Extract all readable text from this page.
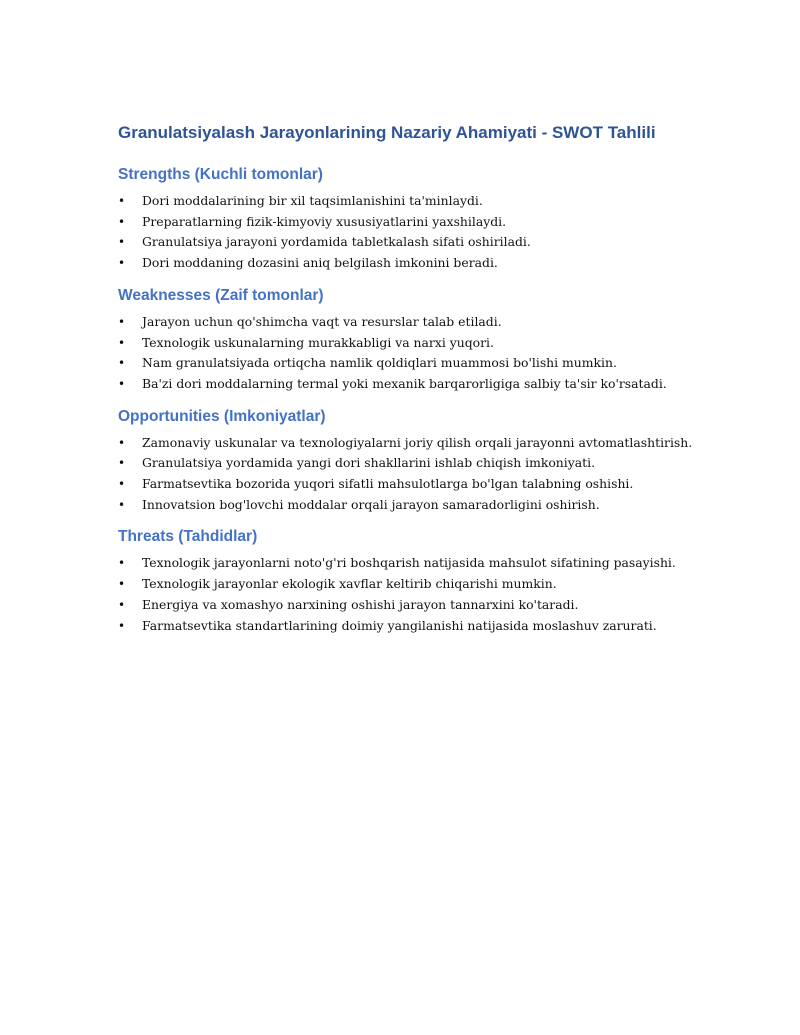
Granulatsiyalash Jarayonlarining Nazariy Ahamiyati - SWOT Tahlili
Strengths (Kuchli tomonlar)
• Dori moddalarining bir xil taqsimlanishini ta'minlaydi.
• Preparatlarning fizik-kimyoviy xususiyatlarini yaxshilaydi.
• Granulatsiya jarayoni yordamida tabletkalash sifati oshiriladi.
• Dori moddaning dozasini aniq belgilash imkonini beradi.
Weaknesses (Zaif tomonlar)
• Jarayon uchun qo'shimcha vaqt va resurslar talab etiladi.
• Texnologik uskunalarning murakkabligi va narxi yuqori.
• Nam granulatsiyada ortiqcha namlik qoldiqlari muammosi bo'lishi mumkin.
• Ba'zi dori moddalarning termal yoki mexanik barqarorligiga salbiy ta'sir ko'rsatadi.
Opportunities (Imkoniyatlar)
• Zamonaviy uskunalar va texnologiyalarni joriy qilish orqali jarayonni avtomatlashtirish.
• Granulatsiya yordamida yangi dori shakllarini ishlab chiqish imkoniyati.
• Farmatsevtika bozorida yuqori sifatli mahsulotlarga bo'lgan talabning oshishi.
• Innovatsion bog'lovchi moddalar orqali jarayon samaradorligini oshirish.
Threats (Tahdidlar)
• Texnologik jarayonlarni noto'g'ri boshqarish natijasida mahsulot sifatining pasayishi.
• Texnologik jarayonlar ekologik xavflar keltirib chiqarishi mumkin.
• Energiya va xomashyo narxining oshishi jarayon tannarxini ko'taradi.
• Farmatsevtika standartlarining doimiy yangilanishi natijasida moslashuv zarurati.
